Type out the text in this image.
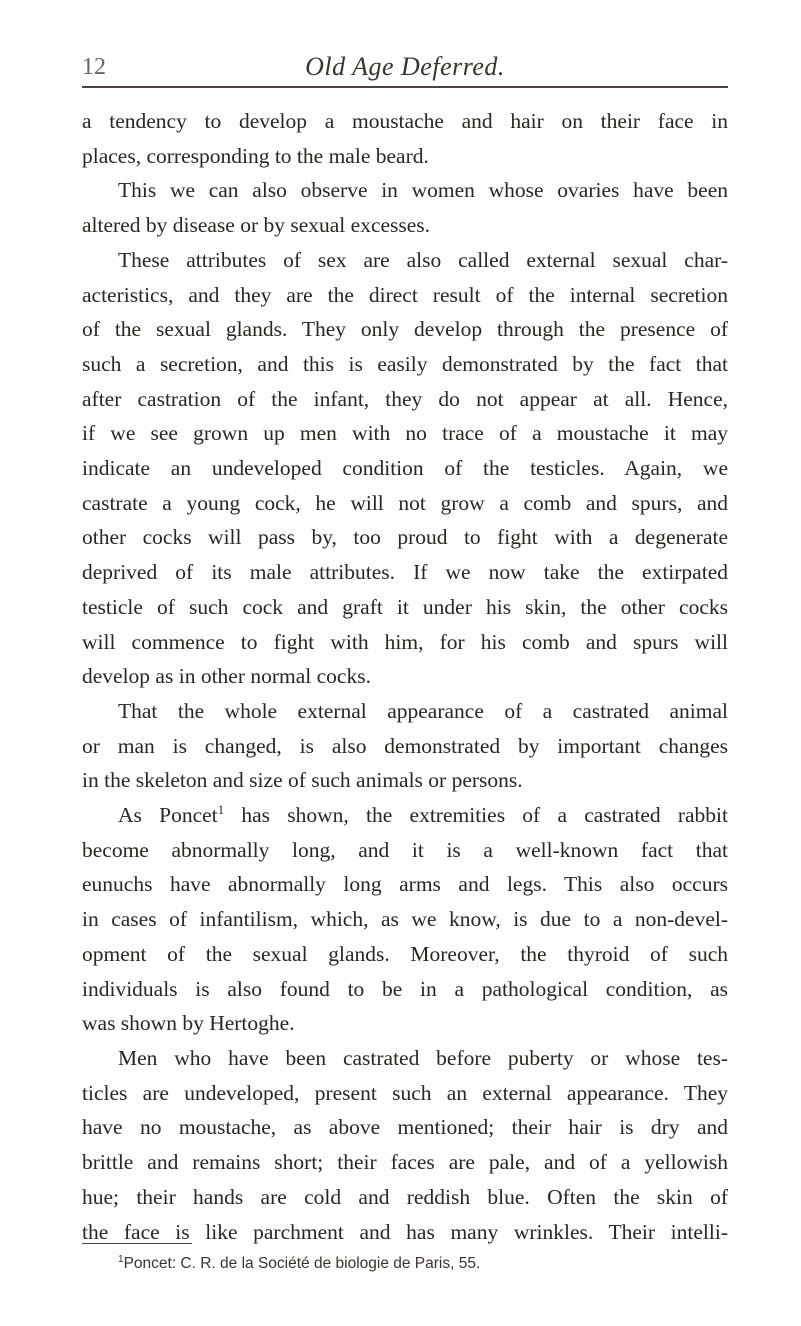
12	Old Age Deferred.

a tendency to develop a moustache and hair on their face in
places, corresponding to the male beard.

This we can also observe in women whose ovaries have been
altered by disease or by sexual excesses.

These attributes of sex are also called external sexual char-
acteristics, and they are the direct result of the internal secretion
of the sexual glands. They only develop through the presence of
such a secretion, and this is easily demonstrated by the fact that
after castration of the infant, they do not appear at all. Hence,
if we see grown up men with no trace of a moustache it may
indicate an undeveloped condition of the testicles. Again, we
castrate a young cock, he will not grow a comb and spurs, and
other cocks will pass by, too proud to fight with a degenerate
deprived of its male attributes. If we now take the extirpated
testicle of such cock and graft it under his skin, the other cocks
will commence to fight with him, for his comb and spurs will
develop as in other normal cocks.

That the whole external appearance of a castrated animal
or man is changed, is also demonstrated by important changes
in the skeleton and size of such animals or persons.

As Poncet$^1$ has shown, the extremities of a castrated rabbit
become abnormally long, and it is a well-known fact that
eunuchs have abnormally long arms and legs. This also occurs
in cases of infantilism, which, as we know, is due to a non-devel-
opment of the sexual glands. Moreover, the thyroid of such
individuals is also found to be in a pathological condition, as
was shown by Hertoghe.

Men who have been castrated before puberty or whose tes-
ticles are undeveloped, present such an external appearance. They
have no moustache, as above mentioned; their hair is dry and
brittle and remains short; their faces are pale, and of a yellowish
hue; their hands are cold and reddish blue. Often the skin of
the face is like parchment and has many wrinkles. Their intelli-

$^1$Poncet: C. R. de la Société de biologie de Paris, 55.
